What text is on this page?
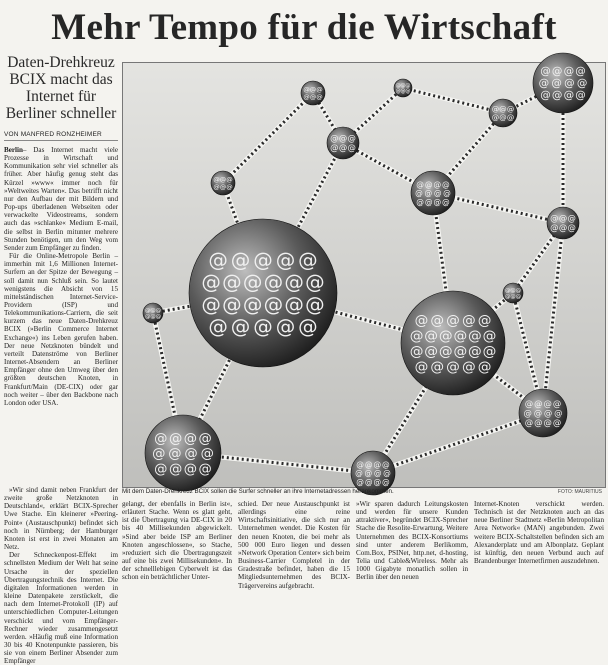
Mehr Tempo für die Wirtschaft
Daten-Drehkreuz BCIX macht das Internet für Berliner schneller
VON MANFRED RONZHEIMER

Berlin– Das Internet macht viele Prozesse in Wirtschaft und Kommunikation sehr viel schneller als früher. Aber häufig genug steht das Kürzel »www« immer noch für »Weltweites Warten«. Das betrifft nicht nur den Aufbau der mit Bildern und Pop-ups überladenen Webseiten oder verwackelte Videostreams, sondern auch das »schlanke« Medium E-mail, die selbst in Berlin mitunter mehrere Stunden benötigen, um den Weg vom Sender zum Empfänger zu finden.

Für die Online-Metropole Berlin – immerhin mit 1,6 Millionen Internet-Surfern an der Spitze der Bewegung – soll damit nun Schluß sein. So lautet wenigstens die Absicht von 15 mittelständischen Internet-Service-Providern (ISP) und Telekommunikations-Carriern, die seit kurzem das neue Daten-Drehkreuz BCIX (»Berlin Commerce Internet Exchange«) ins Leben gerufen haben. Der neue Netzknoten bündelt und verteilt Datenströme von Berliner Internet-Absendern an Berliner Empfänger ohne den Umweg über den größten deutschen Knoten, in Frankfurt/Main (DE-CIX) oder gar noch weiter – über den Backbone nach London oder USA.

»Wir sind damit neben Frankfurt der zweite große Netzknoten in Deutschland«, erklärt BCIX-Sprecher Uwe Stache. Ein kleinerer »Peering-Point« (Austauschpunkt) befindet sich noch in Nürnberg; der Hamburger Knoten ist erst in zwei Monaten am Netz.

Der Schneckenpost-Effekt im schnellsten Medium der Welt hat seine Ursache in der speziellen Übertragungstechnik des Internet. Die digitalen Informationen werden in kleine Datenpakete zerstückelt, die nach dem Internet-Protokoll (IP) auf unterschiedlichen Computer-Leitungen verschickt und vom Empfänger-Rechner wieder zusammengesetzt werden. »Häufig muß eine Information 30 bis 40 Knotenpunkte passieren, bis sie von einem Berliner Absender zum Empfänger

@ @ @
@ @ @
@ @ @
@ @ @
@ @ @
@ @ @
@ @ @
@ @ @
@ @ @
@ @ @
@ @ @
@ @ @
@ @ @
@ @ @
@ @ @
@ @ @
@ @ @ @
@ @ @ @
@ @ @ @
@ @ @ @
@ @ @ @
@ @ @ @
@ @ @ @
@ @ @ @
@ @ @ @
@ @ @ @
@ @ @ @
@ @ @ @
@ @ @ @
@ @ @ @
@ @ @ @
@ @ @ @ @
@ @ @ @ @ @
@ @ @ @ @ @
@ @ @ @ @
@ @ @ @ @
@ @ @ @ @ @
@ @ @ @ @ @
@ @ @ @ @
Mit dem Daten-Drehkreuz BCIX sollen die Surfer schneller an ihre Internetadressen herankommen.	FOTO: MAURITIUS

gelangt, der ebenfalls in Berlin ist«, erläutert Stache. Wenn es glatt geht, ist die Übertragung via DE-CIX in 20 bis 40 Millisekunden abgewickelt. »Sind aber beide ISP am Berliner Knoten angeschlossen«, so Stache, »reduziert sich die Übertragungszeit auf eine bis zwei Millisekunden«. In der schnelllebigen Cyberwelt ist das schon ein beträchtlicher Unter-

schied. Der neue Austauschpunkt ist allerdings eine reine Wirtschaftsinitiative, die sich nur an Unternehmen wendet. Die Kosten für den neuen Knoten, die bei mehr als 500 000 Euro liegen und dessen »Network Operation Center« sich beim Business-Carrier Completel in der Gradestraße befindet, haben die 15 Mitgliedsunternehmen des BCIX-Trägervereins aufgebracht.

»Wir sparen dadurch Leitungskosten und werden für unsere Kunden attraktiver«, begründet BCIX-Sprecher Stache die Resolite-Erwartung. Weitere Unternehmen des BCIX-Konsortiums sind unter anderem Berlikomm, Com.Box, PSINet, http.net, d-hosting, Telia und Cable&Wireless. Mehr als 1000 Gigabyte monatlich sollen in Berlin über den neuen

Internet-Knoten verschickt werden. Technisch ist der Netzknoten auch an das neue Berliner Stadtnetz »Berlin Metropolitan Area Network« (MAN) angebunden. Zwei weitere BCIX-Schaltstellen befinden sich am Alexanderplatz und am Albonplatz. Geplant ist künftig, den neuen Verbund auch auf Brandenburger Internetfirmen auszudehnen.
